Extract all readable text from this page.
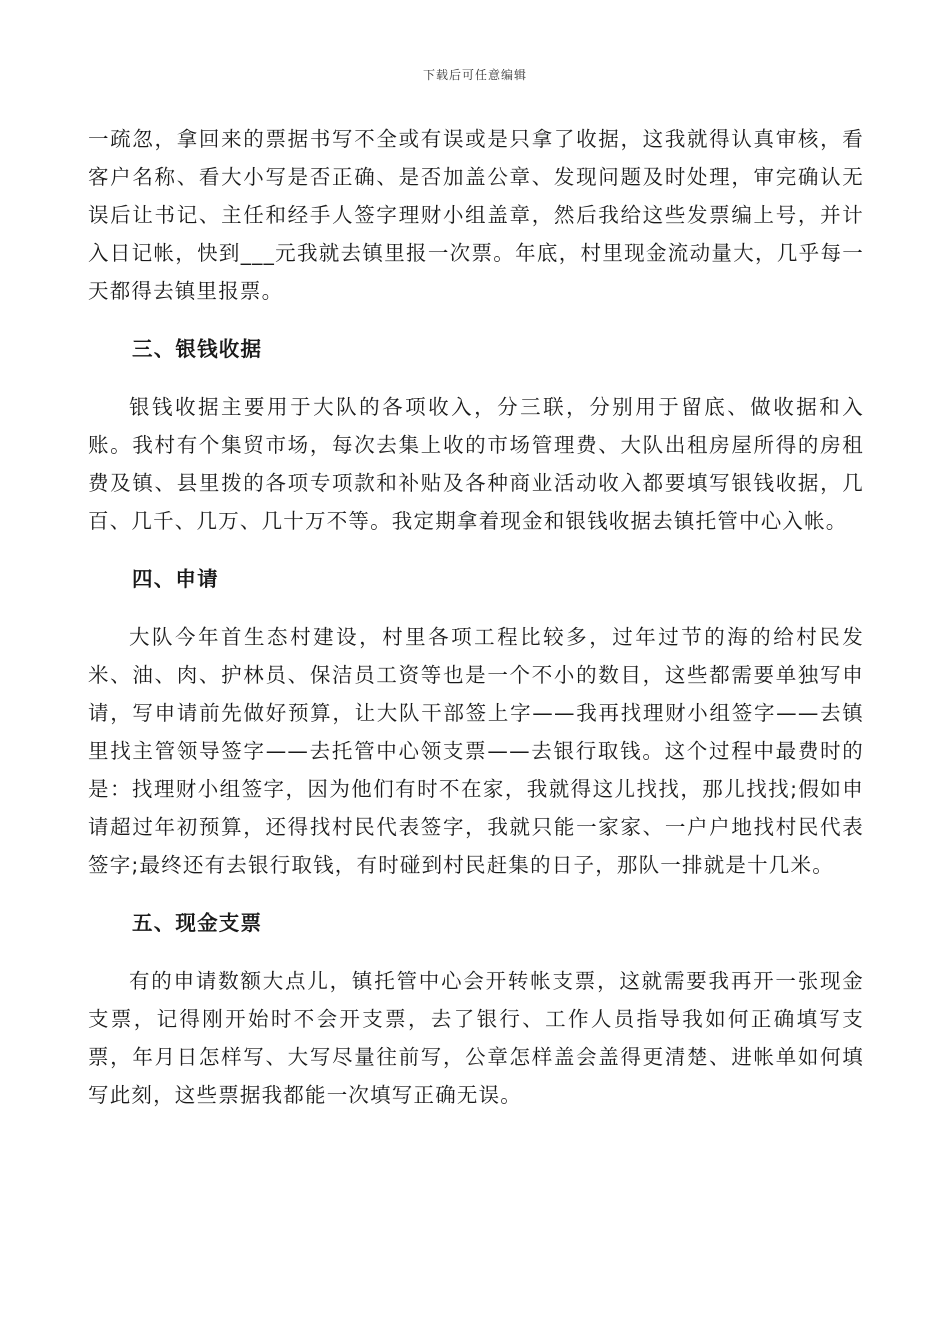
下载后可任意编辑

一疏忽，拿回来的票据书写不全或有误或是只拿了收据，这我就得认真审核，看客户名称、看大小写是否正确、是否加盖公章、发现问题及时处理，审完确认无误后让书记、主任和经手人签字理财小组盖章，然后我给这些发票编上号，并计入日记帐，快到___元我就去镇里报一次票。年底，村里现金流动量大，几乎每一天都得去镇里报票。

三、银钱收据

银钱收据主要用于大队的各项收入，分三联，分别用于留底、做收据和入账。我村有个集贸市场，每次去集上收的市场管理费、大队出租房屋所得的房租费及镇、县里拨的各项专项款和补贴及各种商业活动收入都要填写银钱收据，几百、几千、几万、几十万不等。我定期拿着现金和银钱收据去镇托管中心入帐。

四、申请

大队今年首生态村建设，村里各项工程比较多，过年过节的海的给村民发米、油、肉、护林员、保洁员工资等也是一个不小的数目，这些都需要单独写申请，写申请前先做好预算，让大队干部签上字——我再找理财小组签字——去镇里找主管领导签字——去托管中心领支票——去银行取钱。这个过程中最费时的是：找理财小组签字，因为他们有时不在家，我就得这儿找找，那儿找找;假如申请超过年初预算，还得找村民代表签字，我就只能一家家、一户户地找村民代表签字;最终还有去银行取钱，有时碰到村民赶集的日子，那队一排就是十几米。

五、现金支票

有的申请数额大点儿，镇托管中心会开转帐支票，这就需要我再开一张现金支票，记得刚开始时不会开支票，去了银行、工作人员指导我如何正确填写支票，年月日怎样写、大写尽量往前写，公章怎样盖会盖得更清楚、进帐单如何填写此刻，这些票据我都能一次填写正确无误。
